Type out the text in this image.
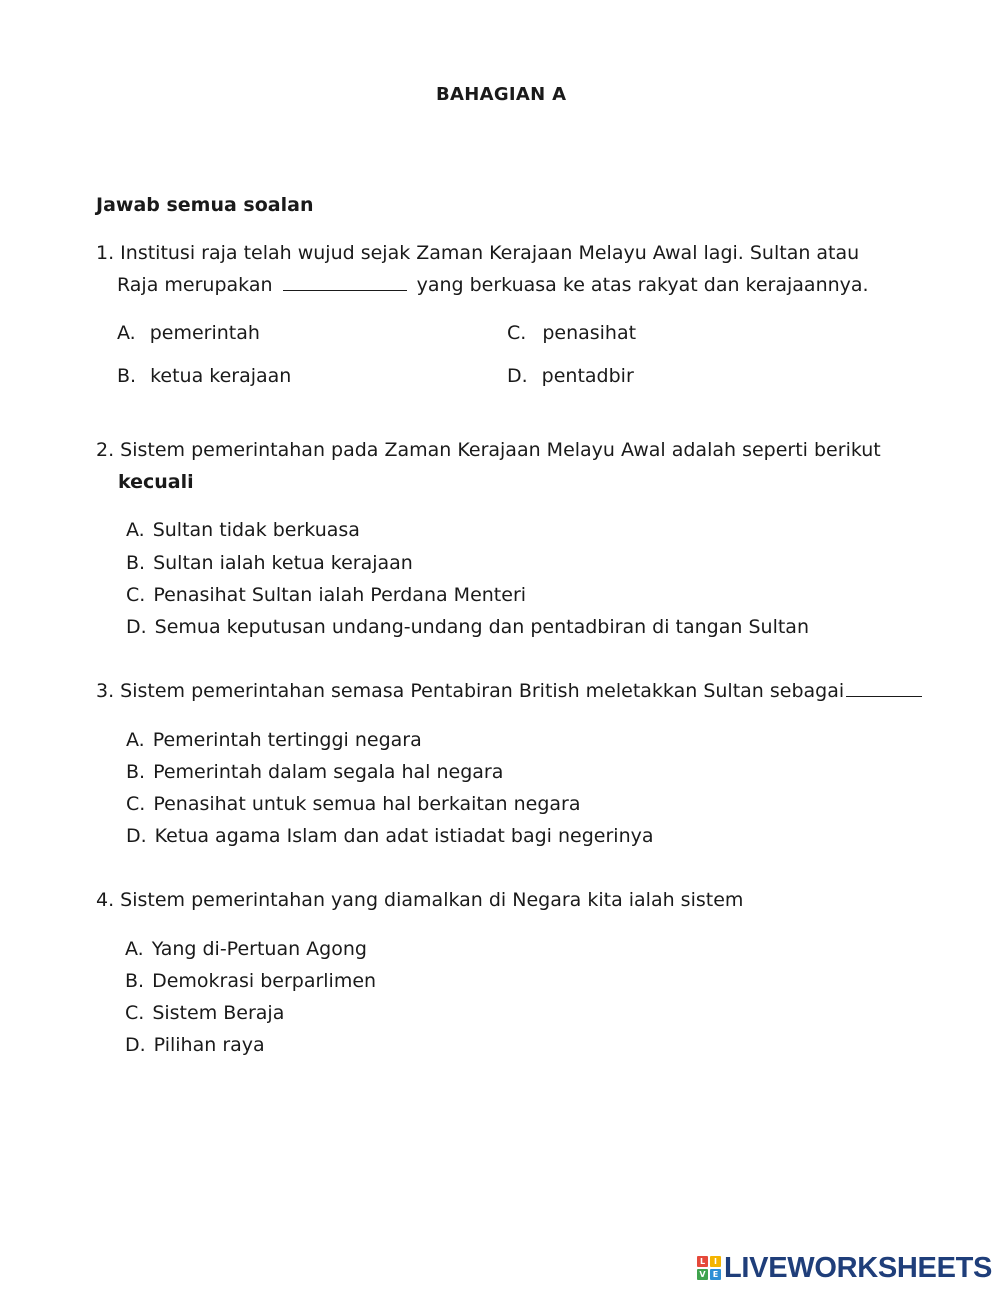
BAHAGIAN A
Jawab semua soalan
1. Institusi raja telah wujud sejak Zaman Kerajaan Melayu Awal lagi. Sultan atau
Raja merupakan	yang berkuasa ke atas rakyat dan kerajaannya.
A. pemerintah
B. ketua kerajaan
C. penasihat
D. pentadbir
2. Sistem pemerintahan pada Zaman Kerajaan Melayu Awal adalah seperti berikut
kecuali
A. Sultan tidak berkuasa
B. Sultan ialah ketua kerajaan
C. Penasihat Sultan ialah Perdana Menteri
D. Semua keputusan undang-undang dan pentadbiran di tangan Sultan
3. Sistem pemerintahan semasa Pentabiran British meletakkan Sultan sebagai
A. Pemerintah tertinggi negara
B. Pemerintah dalam segala hal negara
C. Penasihat untuk semua hal berkaitan negara
D. Ketua agama Islam dan adat istiadat bagi negerinya
4. Sistem pemerintahan yang diamalkan di Negara kita ialah sistem
A. Yang di-Pertuan Agong
B. Demokrasi berparlimen
C. Sistem Beraja
D. Pilihan raya
L	I
V E LIVEWORKSHEETS
